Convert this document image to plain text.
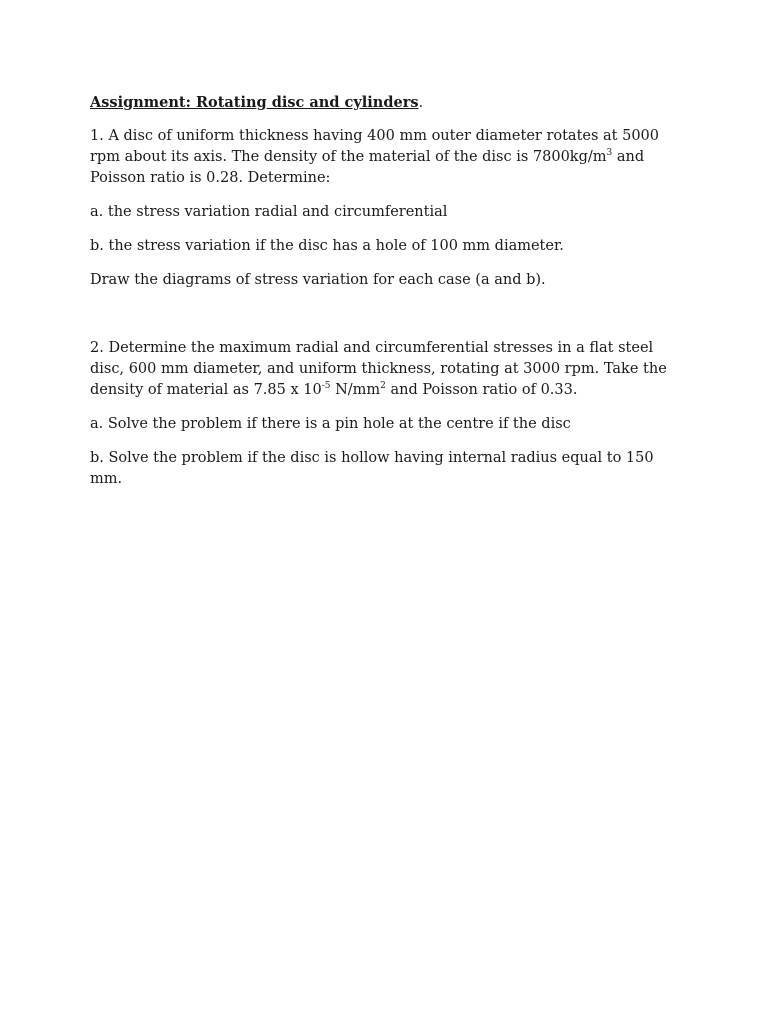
Assignment: Rotating disc and cylinders.

1. A disc of uniform thickness having 400 mm outer diameter rotates at 5000 rpm about its axis. The density of the material of the disc is $7800kg/m^3$ and Poisson ratio is 0.28. Determine:

a. the stress variation radial and circumferential

b. the stress variation if the disc has a hole of 100 mm diameter.

Draw the diagrams of stress variation for each case (a and b).

2. Determine the maximum radial and circumferential stresses in a flat steel disc, 600 mm diameter, and uniform thickness, rotating at 3000 rpm. Take the density of material as 7.85 x $10^{-5}$ $N/mm^2$ and Poisson ratio of 0.33.

a. Solve the problem if there is a pin hole at the centre if the disc

b. Solve the problem if the disc is hollow having internal radius equal to 150 mm.
